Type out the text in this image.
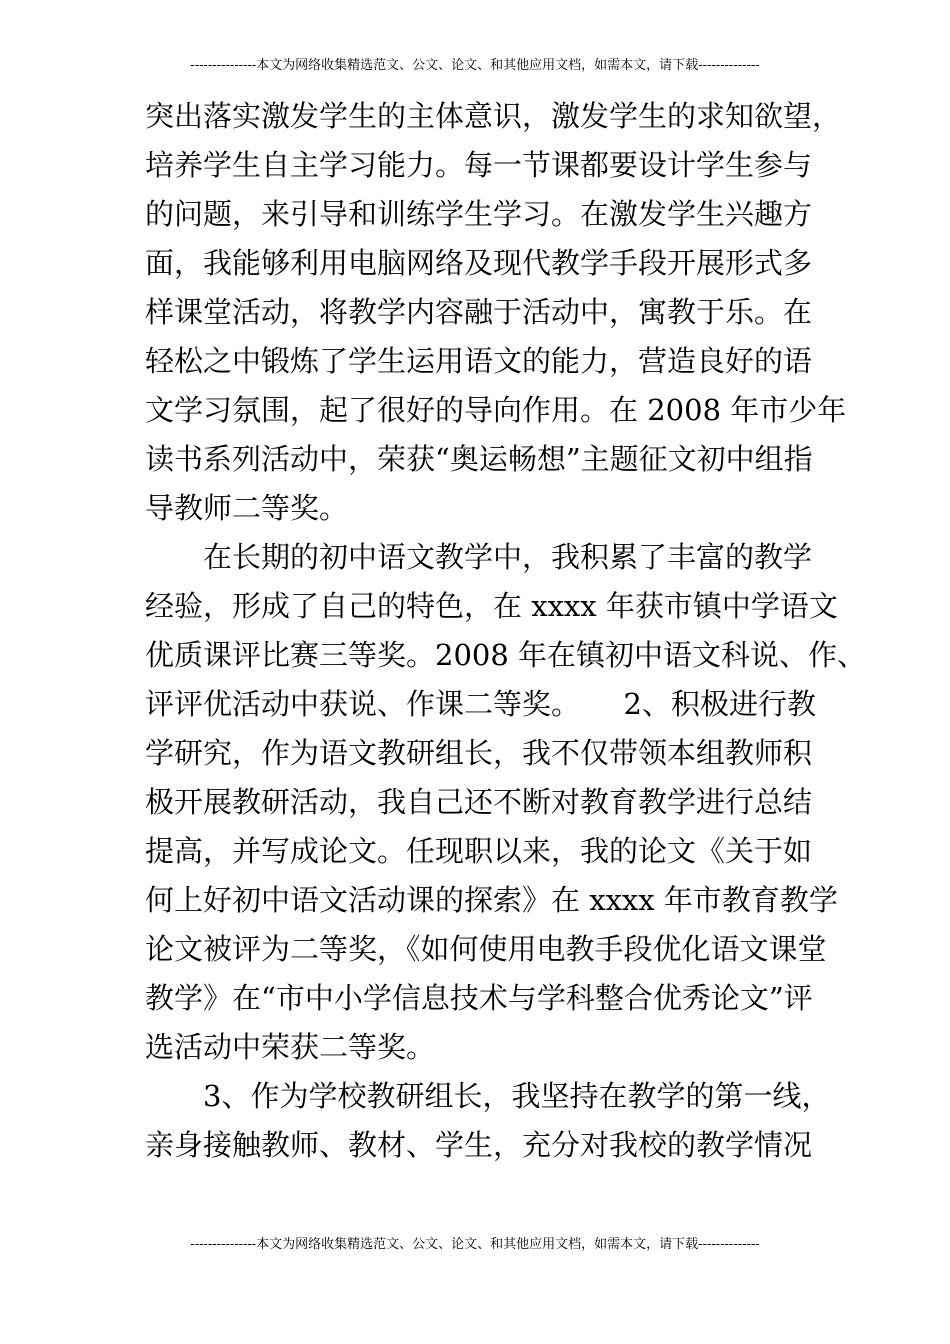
---------------本文为网络收集精选范文、公文、论文、和其他应用文档，如需本文，请下载--------------
突出落实激发学生的主体意识，激发学生的求知欲望，
培养学生自主学习能力。每一节课都要设计学生参与
的问题，来引导和训练学生学习。在激发学生兴趣方
面，我能够利用电脑网络及现代教学手段开展形式多
样课堂活动，将教学内容融于活动中，寓教于乐。在
轻松之中锻炼了学生运用语文的能力，营造良好的语
文学习氛围，起了很好的导向作用。在 2008 年市少年
读书系列活动中，荣获“奥运畅想”主题征文初中组指
导教师二等奖。
在长期的初中语文教学中，我积累了丰富的教学
经验，形成了自己的特色，在 xxxx 年获市镇中学语文
优质课评比赛三等奖。2008 年在镇初中语文科说、作、
评评优活动中获说、作课二等奖。　　2、积极进行教
学研究，作为语文教研组长，我不仅带领本组教师积
极开展教研活动，我自己还不断对教育教学进行总结
提高，并写成论文。任现职以来，我的论文《关于如
何上好初中语文活动课的探索》在 xxxx 年市教育教学
论文被评为二等奖，《如何使用电教手段优化语文课堂
教学》在“市中小学信息技术与学科整合优秀论文”评
选活动中荣获二等奖。
3、作为学校教研组长，我坚持在教学的第一线，
亲身接触教师、教材、学生，充分对我校的教学情况
---------------本文为网络收集精选范文、公文、论文、和其他应用文档，如需本文，请下载--------------
